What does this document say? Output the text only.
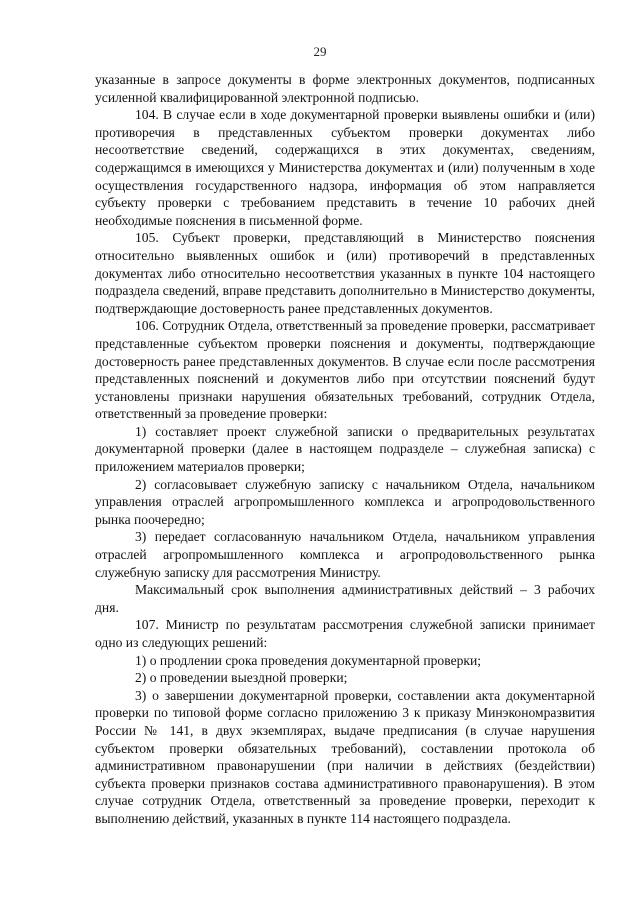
29

указанные в запросе документы в форме электронных документов, подписанных усиленной квалифицированной электронной подписью.

104. В случае если в ходе документарной проверки выявлены ошибки и (или) противоречия в представленных субъектом проверки документах либо несоответствие сведений, содержащихся в этих документах, сведениям, содержащимся в имеющихся у Министерства документах и (или) полученным в ходе осуществления государственного надзора, информация об этом направляется субъекту проверки с требованием представить в течение 10 рабочих дней необходимые пояснения в письменной форме.

105. Субъект проверки, представляющий в Министерство пояснения относительно выявленных ошибок и (или) противоречий в представленных документах либо относительно несоответствия указанных в пункте 104 настоящего подраздела сведений, вправе представить дополнительно в Министерство документы, подтверждающие достоверность ранее представленных документов.

106. Сотрудник Отдела, ответственный за проведение проверки, рассматривает представленные субъектом проверки пояснения и документы, подтверждающие достоверность ранее представленных документов. В случае если после рассмотрения представленных пояснений и документов либо при отсутствии пояснений будут установлены признаки нарушения обязательных требований, сотрудник Отдела, ответственный за проведение проверки:

1) составляет проект служебной записки о предварительных результатах документарной проверки (далее в настоящем подразделе – служебная записка) с приложением материалов проверки;

2) согласовывает служебную записку с начальником Отдела, начальником управления отраслей агропромышленного комплекса и агропродовольственного рынка поочередно;

3) передает согласованную начальником Отдела, начальником управления отраслей агропромышленного комплекса и агропродовольственного рынка служебную записку для рассмотрения Министру.

Максимальный срок выполнения административных действий – 3 рабочих дня.

107. Министр по результатам рассмотрения служебной записки принимает одно из следующих решений:

1) о продлении срока проведения документарной проверки;

2) о проведении выездной проверки;

3) о завершении документарной проверки, составлении акта документарной проверки по типовой форме согласно приложению 3 к приказу Минэкономразвития России № 141, в двух экземплярах, выдаче предписания (в случае нарушения субъектом проверки обязательных требований), составлении протокола об административном правонарушении (при наличии в действиях (бездействии) субъекта проверки признаков состава административного правонарушения). В этом случае сотрудник Отдела, ответственный за проведение проверки, переходит к выполнению действий, указанных в пункте 114 настоящего подраздела.
